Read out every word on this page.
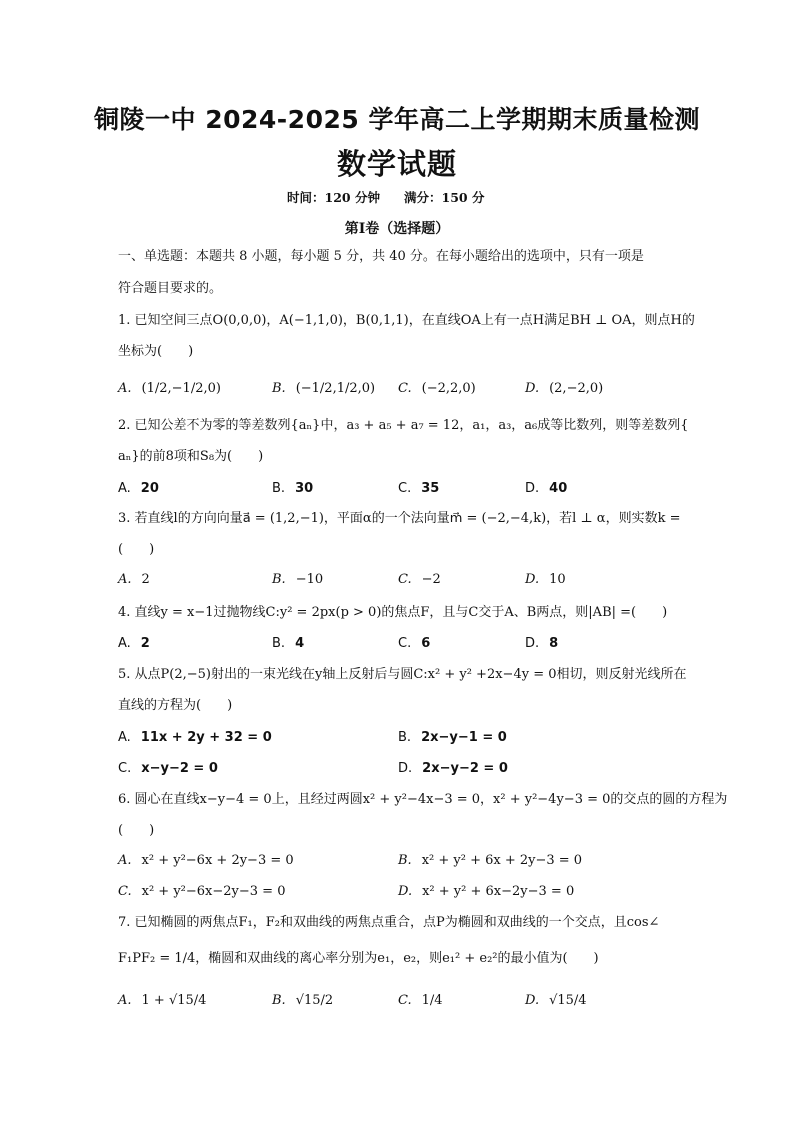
铜陵一中 2024-2025 学年高二上学期期末质量检测
数学试题
时间：120 分钟 满分：150 分
第Ⅰ卷（选择题）
一、单选题：本题共 8 小题，每小题 5 分，共 40 分。在每小题给出的选项中，只有一项是
符合题目要求的。
1. 已知空间三点O(0,0,0)，A(−1,1,0)，B(0,1,1)，在直线OA上有一点H满足BH ⊥ OA，则点H的
坐标为(　　)
A. (1/2,−1/2,0)	B. (−1/2,1/2,0) C. (−2,2,0)	D. (2,−2,0)
2. 已知公差不为零的等差数列{aₙ}中，a₃ + a₅ + a₇ = 12，a₁，a₃，a₆成等比数列，则等差数列{
aₙ}的前8项和S₈为(　　)
A. 20	B. 30	C. 35	D. 40
3. 若直线l的方向向量a⃗ = (1,2,−1)，平面α的一个法向量m⃗ = (−2,−4,k)，若l ⊥ α，则实数k =
(　　)
A. 2	B. −10	C. −2	D. 10
4. 直线y = x−1过抛物线C:y² = 2px(p > 0)的焦点F，且与C交于A、B两点，则|AB| =(　　)
A. 2	B. 4	C. 6	D. 8
5. 从点P(2,−5)射出的一束光线在y轴上反射后与圆C:x² + y² +2x−4y = 0相切，则反射光线所在
直线的方程为(　　)
A. 11x + 2y + 32 = 0	B. 2x−y−1 = 0
C. x−y−2 = 0	D. 2x−y−2 = 0
6. 圆心在直线x−y−4 = 0上，且经过两圆x² + y²−4x−3 = 0，x² + y²−4y−3 = 0的交点的圆的方程为
(　　)
A. x² + y²−6x + 2y−3 = 0	B. x² + y² + 6x + 2y−3 = 0
C. x² + y²−6x−2y−3 = 0	D. x² + y² + 6x−2y−3 = 0
7. 已知椭圆的两焦点F₁，F₂和双曲线的两焦点重合，点P为椭圆和双曲线的一个交点，且cos∠
F₁PF₂ = 1/4，椭圆和双曲线的离心率分别为e₁，e₂，则e₁² + e₂²的最小值为(　　)
A. 1 + √15/4	B. √15/2	C. 1/4	D. √15/4
